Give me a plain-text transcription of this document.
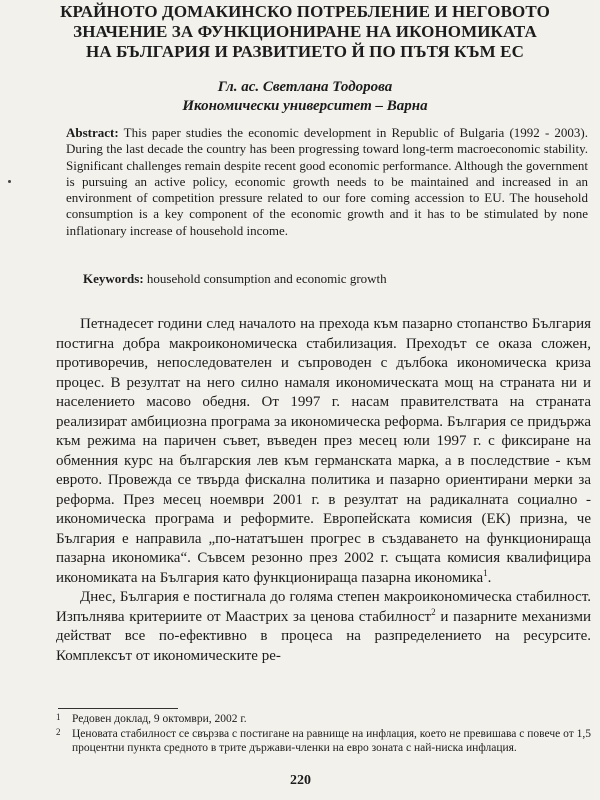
КРАЙНОТО ДОМАКИНСКО ПОТРЕБЛЕНИЕ И НЕГОВОТО
ЗНАЧЕНИЕ ЗА ФУНКЦИОНИРАНЕ НА ИКОНОМИКАТА
НА БЪЛГАРИЯ И РАЗВИТИЕТО Й ПО ПЪТЯ КЪМ ЕС
Гл. ас. Светлана Тодорова
Икономически университет – Варна
Abstract: This paper studies the economic development in Republic of Bulgaria (1992 - 2003). During the last decade the country has been progressing toward long-term macroeconomic stability. Significant challenges remain despite recent good economic performance. Although the government is pursuing an active policy, economic growth needs to be maintained and increased in an environment of competition pressure related to our fore coming accession to EU. The household consumption is a key component of the economic growth and it has to be stimulated by none inflationary increase of household income.
Keywords: household consumption and economic growth

Петнадесет години след началото на прехода към пазарно стопанство България постигна добра макроикономическа стабилизация. Преходът се оказа сложен, противоречив, непоследователен и съпроводен с дълбока икономическа криза процес. В резултат на него силно намаля икономическата мощ на страната ни и населението масово обедня. От 1997 г. насам правителствата на страната реализират амбициозна програма за икономическа реформа. България се придържа към режима на паричен съвет, въведен през месец юли 1997 г. с фиксиране на обменния курс на българския лев към германската марка, а в последствие - към еврото. Провежда се твърда фискална политика и пазарно ориентирани мерки за реформа. През месец ноември 2001 г. в резултат на радикалната социално - икономическа програма и реформите. Европейската комисия (ЕК) призна, че България е направила „по-нататъшен прогрес в създаването на функционираща пазарна икономика“. Съвсем резонно през 2002 г. същата комисия квалифицира икономиката на България като функционираща пазарна икономика$^1$.

Днес, България е постигнала до голяма степен макроикономическа стабилност. Изпълнява критериите от Маастрих за ценова стабилност$^2$ и пазарните механизми действат все по-ефективно в процеса на разпределението на ресурсите. Комплексът от икономическите ре-

1 Редовен доклад, 9 октомври, 2002 г.
2 Ценовата стабилност се свързва с постигане на равнище на инфлация, което не превишава с повече от 1,5 процентни пункта средното в трите държави-членки на евро зоната с най-ниска инфлация.
220
